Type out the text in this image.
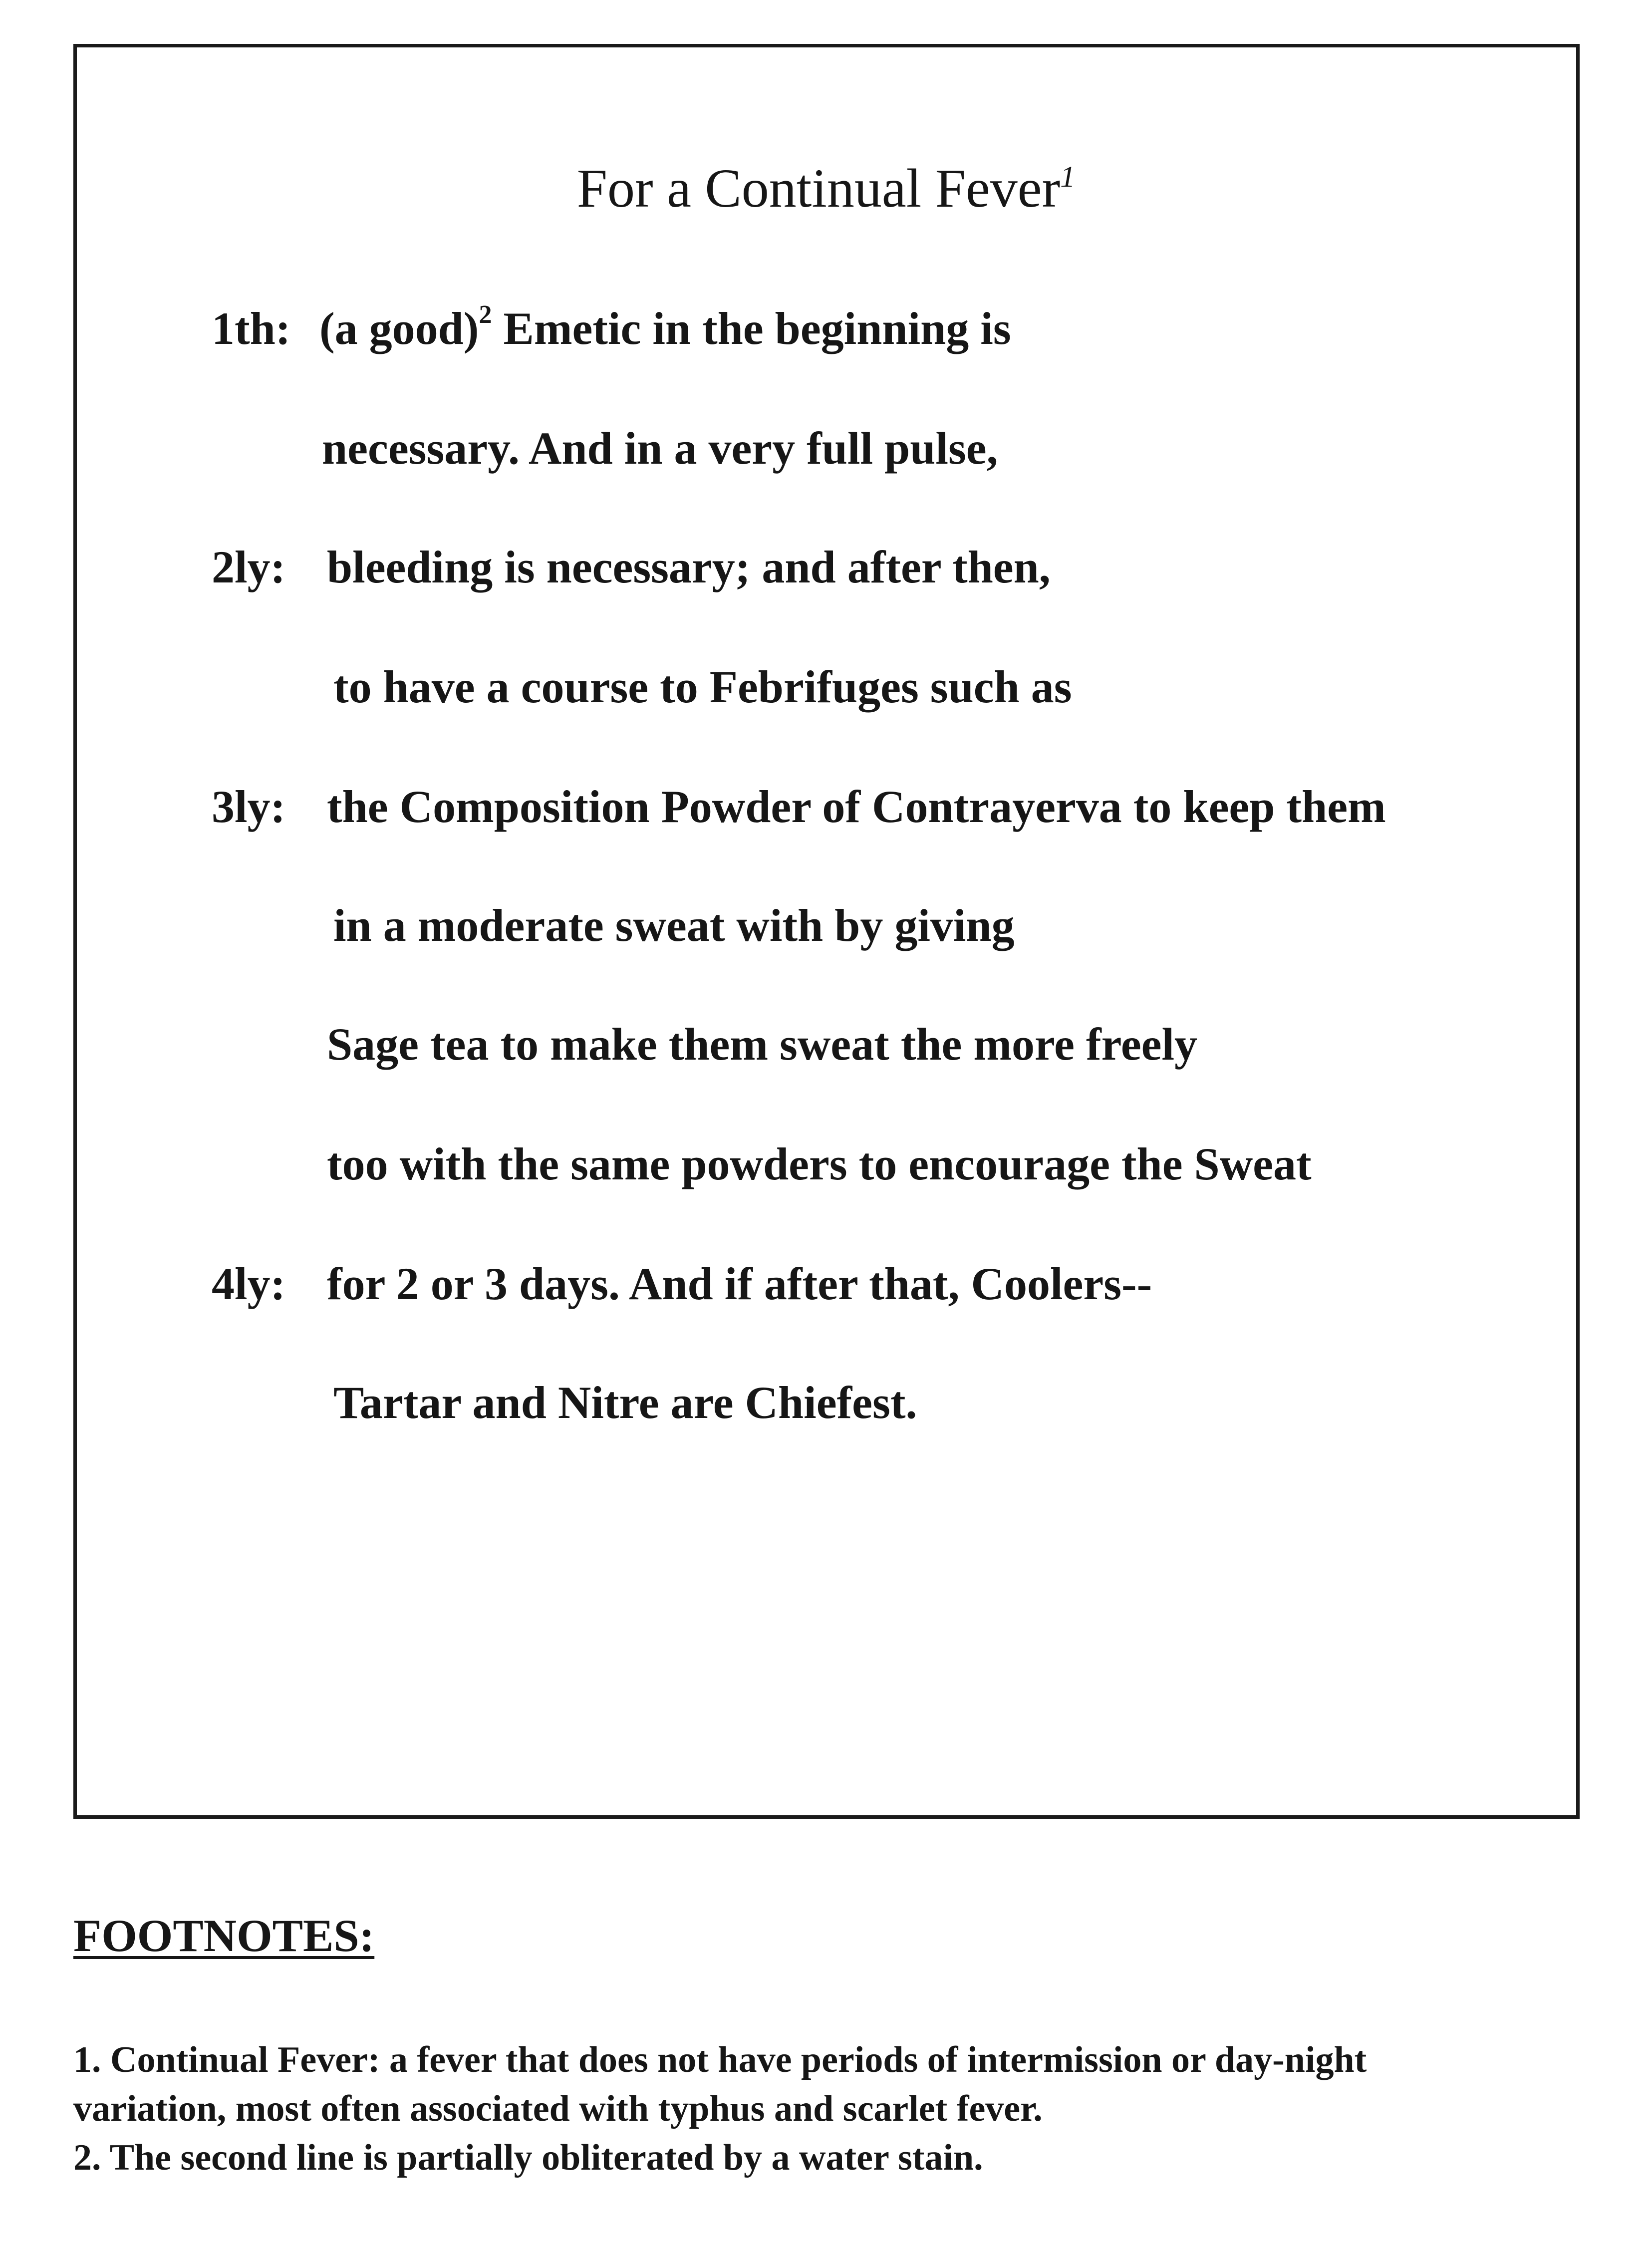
For a Continual Fever$^1$
1th: (a good)$^2$ Emetic in the beginning is
necessary. And in a very full pulse,
2ly: bleeding is necessary; and after then,
to have a course to Febrifuges such as
3ly: the Composition Powder of Contrayerva to keep them
in a moderate sweat with by giving
Sage tea to make them sweat the more freely
too with the same powders to encourage the Sweat
4ly: for 2 or 3 days. And if after that, Coolers--
Tartar and Nitre are Chiefest.
FOOTNOTES:
1. Continual Fever: a fever that does not have periods of intermission or day-night
variation, most often associated with typhus and scarlet fever.
2. The second line is partially obliterated by a water stain.
